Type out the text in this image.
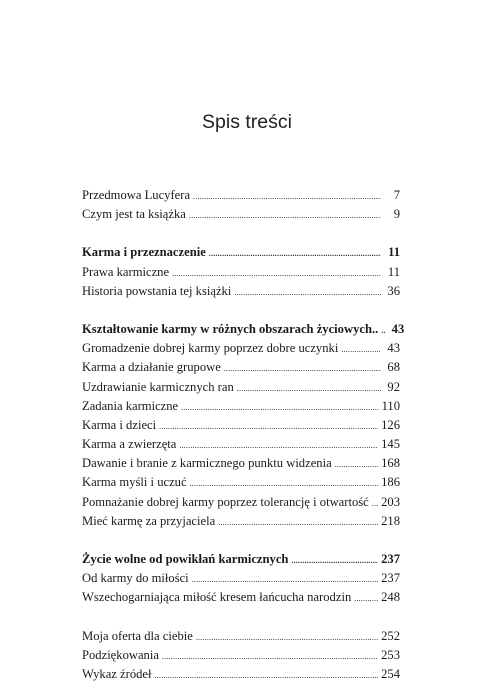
Spis treści
Przedmowa Lucyfera .....	7
Czym jest ta książka .....	9
Karma i przeznaczenie .....	11
Prawa karmiczne .....	11
Historia powstania tej książki .....	36
Kształtowanie karmy w różnych obszarach życiowych.. ..... 43
Gromadzenie dobrej karmy poprzez dobre uczynki .....	43
Karma a działanie grupowe .....	68
Uzdrawianie karmicznych ran .....	92
Zadania karmiczne .....	110
Karma i dzieci .....	126
Karma a zwierzęta .....	145
Dawanie i branie z karmicznego punktu widzenia .....	168
Karma myśli i uczuć .....	186
Pomnażanie dobrej karmy poprzez tolerancję i otwartość ..... 203
Mieć karmę za przyjaciela .....	218
Życie wolne od powikłań karmicznych .....	237
Od karmy do miłości .....	237
Wszechogarniająca miłość kresem łańcucha narodzin ..... 248
Moja oferta dla ciebie .....	252
Podziękowania .....	253
Wykaz źródeł .....	254
